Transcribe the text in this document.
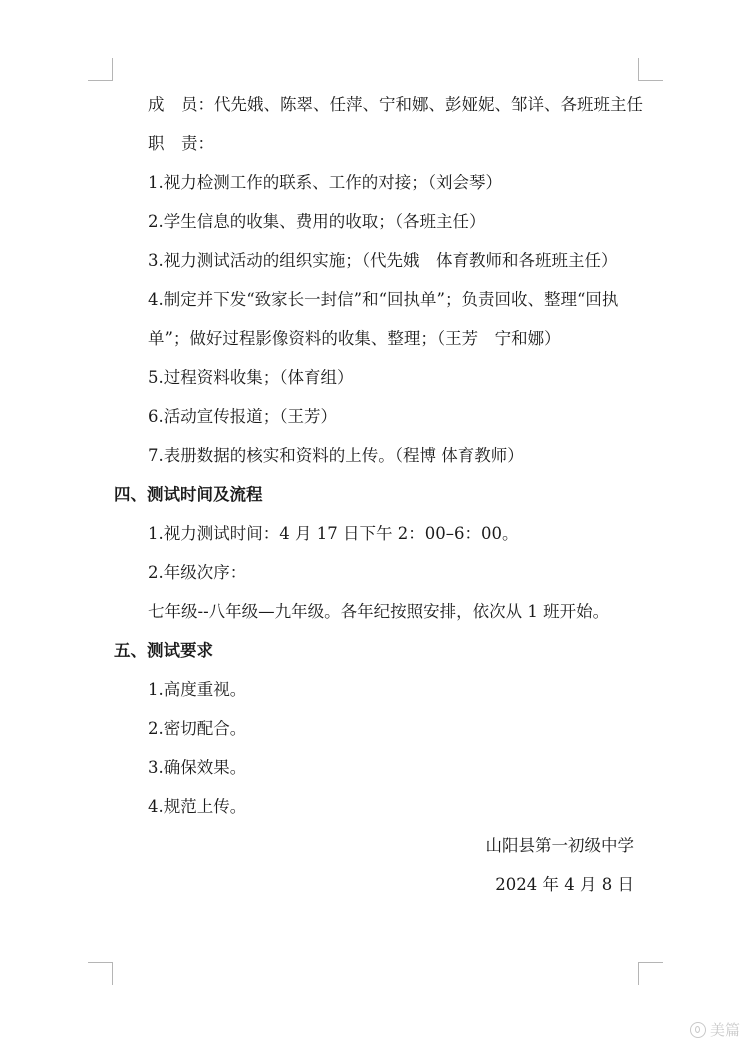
成　员：代先娥、陈翠、任萍、宁和娜、彭娅妮、邹详、各班班主任
职　责：
1.视力检测工作的联系、工作的对接；（刘会琴）
2.学生信息的收集、费用的收取；（各班主任）
3.视力测试活动的组织实施；（代先娥　体育教师和各班班主任）
4.制定并下发“致家长一封信”和“回执单”；负责回收、整理“回执单”；做好过程影像资料的收集、整理；（王芳　宁和娜）
5.过程资料收集；（体育组）
6.活动宣传报道；（王芳）
7.表册数据的核实和资料的上传。（程博 体育教师）
四、测试时间及流程
1.视力测试时间：4 月 17 日下午 2：00–6：00。
2.年级次序：
七年级--八年级—九年级。各年纪按照安排，依次从 1 班开始。
五、测试要求
1.高度重视。
2.密切配合。
3.确保效果。
4.规范上传。
山阳县第一初级中学
2024 年 4 月 8 日
美篇
